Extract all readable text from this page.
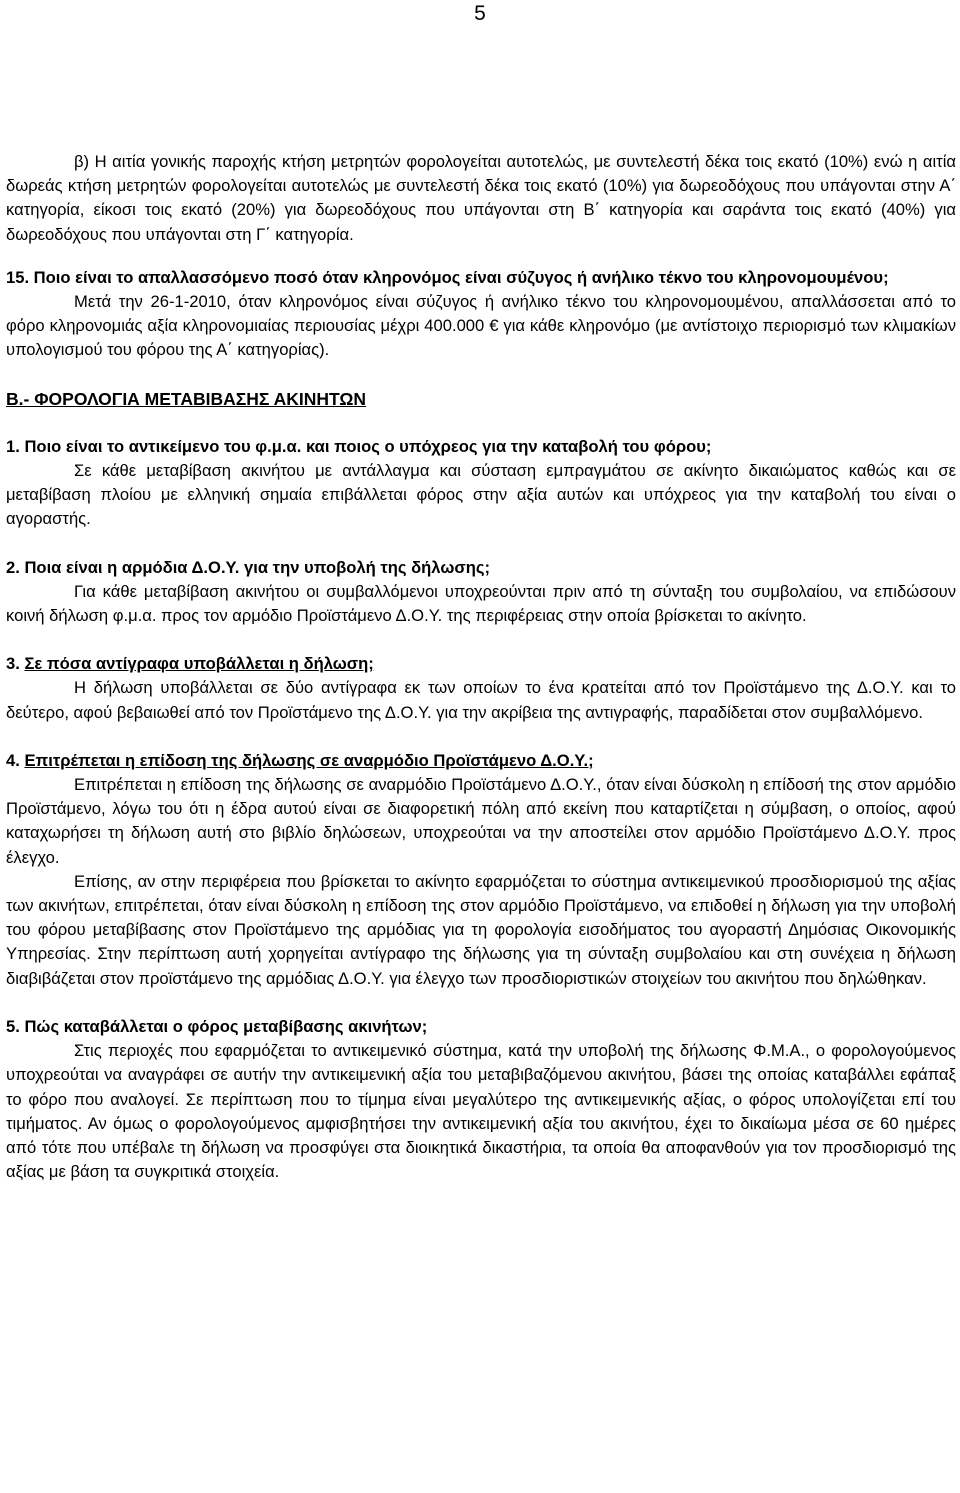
5

β) Η αιτία γονικής παροχής κτήση μετρητών φορολογείται αυτοτελώς, με συντελεστή δέκα τοις εκατό (10%) ενώ η αιτία δωρεάς κτήση μετρητών φορολογείται αυτοτελώς με συντελεστή δέκα τοις εκατό (10%) για δωρεοδόχους που υπάγονται στην Α΄ κατηγορία, είκοσι τοις εκατό (20%) για δωρεοδόχους που υπάγονται στη Β΄ κατηγορία και σαράντα τοις εκατό (40%) για δωρεοδόχους που υπάγονται στη Γ΄ κατηγορία.

15. Ποιο είναι το απαλλασσόμενο ποσό όταν κληρονόμος είναι σύζυγος ή ανήλικο τέκνο του κληρονομουμένου;

Μετά την 26-1-2010, όταν κληρονόμος είναι σύζυγος ή ανήλικο τέκνο του κληρονομουμένου, απαλλάσσεται από το φόρο κληρονομιάς αξία κληρονομιαίας περιουσίας μέχρι 400.000 € για κάθε κληρονόμο (με αντίστοιχο περιορισμό των κλιμακίων υπολογισμού του φόρου της Α΄ κατηγορίας).

Β.- ΦΟΡΟΛΟΓΙΑ ΜΕΤΑΒΙΒΑΣΗΣ ΑΚΙΝΗΤΩΝ

1. Ποιο είναι το αντικείμενο του φ.μ.α. και ποιος ο υπόχρεος για την καταβολή του φόρου;

Σε κάθε μεταβίβαση ακινήτου με αντάλλαγμα και σύσταση εμπραγμάτου σε ακίνητο δικαιώματος καθώς και σε μεταβίβαση πλοίου με ελληνική σημαία επιβάλλεται φόρος στην αξία αυτών και υπόχρεος για την καταβολή του είναι ο αγοραστής.

2. Ποια είναι η αρμόδια Δ.Ο.Υ. για την υποβολή της δήλωσης;

Για κάθε μεταβίβαση ακινήτου οι συμβαλλόμενοι υποχρεούνται πριν από τη σύνταξη του συμβολαίου, να επιδώσουν κοινή δήλωση φ.μ.α. προς τον αρμόδιο Προϊστάμενο Δ.Ο.Υ. της περιφέρειας στην οποία βρίσκεται το ακίνητο.

3. Σε πόσα αντίγραφα υποβάλλεται η δήλωση;

Η δήλωση υποβάλλεται σε δύο αντίγραφα εκ των οποίων το ένα κρατείται από τον Προϊστάμενο της Δ.Ο.Υ. και το δεύτερο, αφού βεβαιωθεί από τον Προϊστάμενο της Δ.Ο.Υ. για την ακρίβεια της αντιγραφής, παραδίδεται στον συμβαλλόμενο.

4. Επιτρέπεται η επίδοση της δήλωσης σε αναρμόδιο Προϊστάμενο Δ.Ο.Υ.;

Επιτρέπεται η επίδοση της δήλωσης σε αναρμόδιο Προϊστάμενο Δ.Ο.Υ., όταν είναι δύσκολη η επίδοσή της στον αρμόδιο Προϊστάμενο, λόγω του ότι η έδρα αυτού είναι σε διαφορετική πόλη από εκείνη που καταρτίζεται η σύμβαση, ο οποίος, αφού καταχωρήσει τη δήλωση αυτή στο βιβλίο δηλώσεων, υποχρεούται να την αποστείλει στον αρμόδιο Προϊστάμενο Δ.Ο.Υ. προς έλεγχο.

Επίσης, αν στην περιφέρεια που βρίσκεται το ακίνητο εφαρμόζεται το σύστημα αντικειμενικού προσδιορισμού της αξίας των ακινήτων, επιτρέπεται, όταν είναι δύσκολη η επίδοση της στον αρμόδιο Προϊστάμενο, να επιδοθεί η δήλωση για την υποβολή του φόρου μεταβίβασης στον Προϊστάμενο της αρμόδιας για τη φορολογία εισοδήματος του αγοραστή Δημόσιας Οικονομικής Υπηρεσίας. Στην περίπτωση αυτή χορηγείται αντίγραφο της δήλωσης για τη σύνταξη συμβολαίου και στη συνέχεια η δήλωση διαβιβάζεται στον προϊστάμενο της αρμόδιας Δ.Ο.Υ. για έλεγχο των προσδιοριστικών στοιχείων του ακινήτου που δηλώθηκαν.

5. Πώς καταβάλλεται ο φόρος μεταβίβασης ακινήτων;

Στις περιοχές που εφαρμόζεται το αντικειμενικό σύστημα, κατά την υποβολή της δήλωσης Φ.Μ.Α., ο φορολογούμενος υποχρεούται να αναγράφει σε αυτήν την αντικειμενική αξία του μεταβιβαζόμενου ακινήτου, βάσει της οποίας καταβάλλει εφάπαξ το φόρο που αναλογεί. Σε περίπτωση που το τίμημα είναι μεγαλύτερο της αντικειμενικής αξίας, ο φόρος υπολογίζεται επί του τιμήματος. Αν όμως ο φορολογούμενος αμφισβητήσει την αντικειμενική αξία του ακινήτου, έχει το δικαίωμα μέσα σε 60 ημέρες από τότε που υπέβαλε τη δήλωση να προσφύγει στα διοικητικά δικαστήρια, τα οποία θα αποφανθούν για τον προσδιορισμό της αξίας με βάση τα συγκριτικά στοιχεία.
